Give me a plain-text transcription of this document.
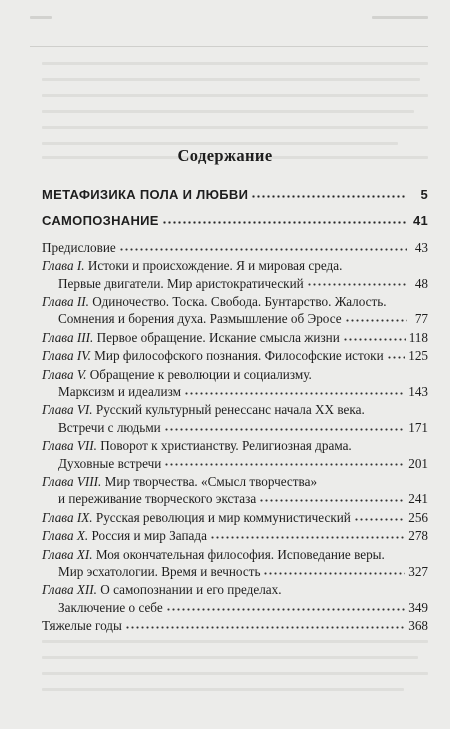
Содержание
МЕТАФИЗИКА ПОЛА И ЛЮБВИ	5
САМОПОЗНАНИЕ	41
Предисловие	43
Глава I. Истоки и происхождение. Я и мировая среда.
Первые двигатели. Мир аристократический	48
Глава II. Одиночество. Тоска. Свобода. Бунтарство. Жалость.
Сомнения и борения духа. Размышление об Эросе	77
Глава III. Первое обращение. Искание смысла жизни	118
Глава IV. Мир философского познания. Философские истоки 125
Глава V. Обращение к революции и социализму.
Марксизм и идеализм	143
Глава VI. Русский культурный ренессанс начала XX века.
Встречи с людьми	171
Глава VII. Поворот к христианству. Религиозная драма.
Духовные встречи	201
Глава VIII. Мир творчества. «Смысл творчества»
и переживание творческого экстаза	241
Глава IX. Русская революция и мир коммунистический	256
Глава X. Россия и мир Запада	278
Глава XI. Моя окончательная философия. Исповедание веры.
Мир эсхатологии. Время и вечность	327
Глава XII. О самопознании и его пределах.
Заключение о себе	349
Тяжелые годы	368
